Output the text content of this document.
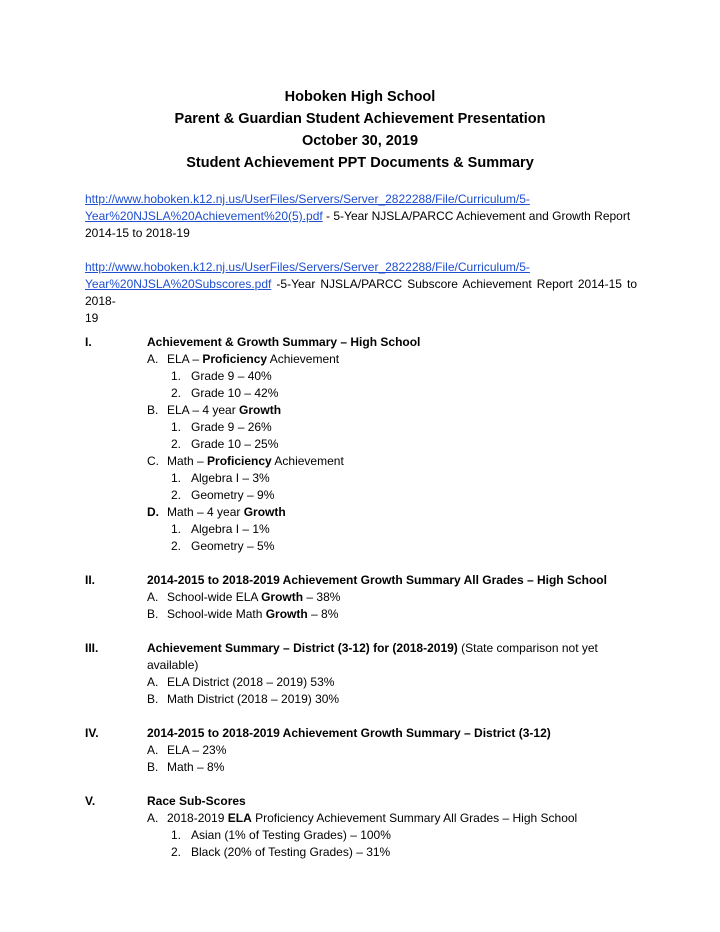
Hoboken High School
Parent & Guardian Student Achievement Presentation
October 30, 2019
Student Achievement PPT Documents & Summary

http://www.hoboken.k12.nj.us/UserFiles/Servers/Server_2822288/File/Curriculum/5-
Year%20NJSLA%20Achievement%20(5).pdf - 5-Year NJSLA/PARCC Achievement and Growth Report
2014-15 to 2018-19

http://www.hoboken.k12.nj.us/UserFiles/Servers/Server_2822288/File/Curriculum/5-
Year%20NJSLA%20Subscores.pdf -5-Year NJSLA/PARCC Subscore Achievement Report 2014-15 to 2018-
19

I.	Achievement & Growth Summary – High School
A. ELA – Proficiency Achievement
1. Grade 9 – 40%
2. Grade 10 – 42%
B. ELA – 4 year Growth
1. Grade 9 – 26%
2. Grade 10 – 25%
C. Math – Proficiency Achievement
1. Algebra I – 3%
2. Geometry – 9%
D. Math – 4 year Growth
1. Algebra I – 1%
2. Geometry – 5%
II.	2014-2015 to 2018-2019 Achievement Growth Summary All Grades – High School
A. School-wide ELA Growth – 38%
B. School-wide Math Growth – 8%
III.	Achievement Summary – District (3-12) for (2018-2019) (State comparison not yet available)
A. ELA District (2018 – 2019) 53%
B. Math District (2018 – 2019) 30%
IV.	2014-2015 to 2018-2019 Achievement Growth Summary – District (3-12)
A. ELA – 23%
B. Math – 8%
V.	Race Sub-Scores
A. 2018-2019 ELA Proficiency Achievement Summary All Grades – High School
1. Asian (1% of Testing Grades) – 100%
2. Black (20% of Testing Grades) – 31%
